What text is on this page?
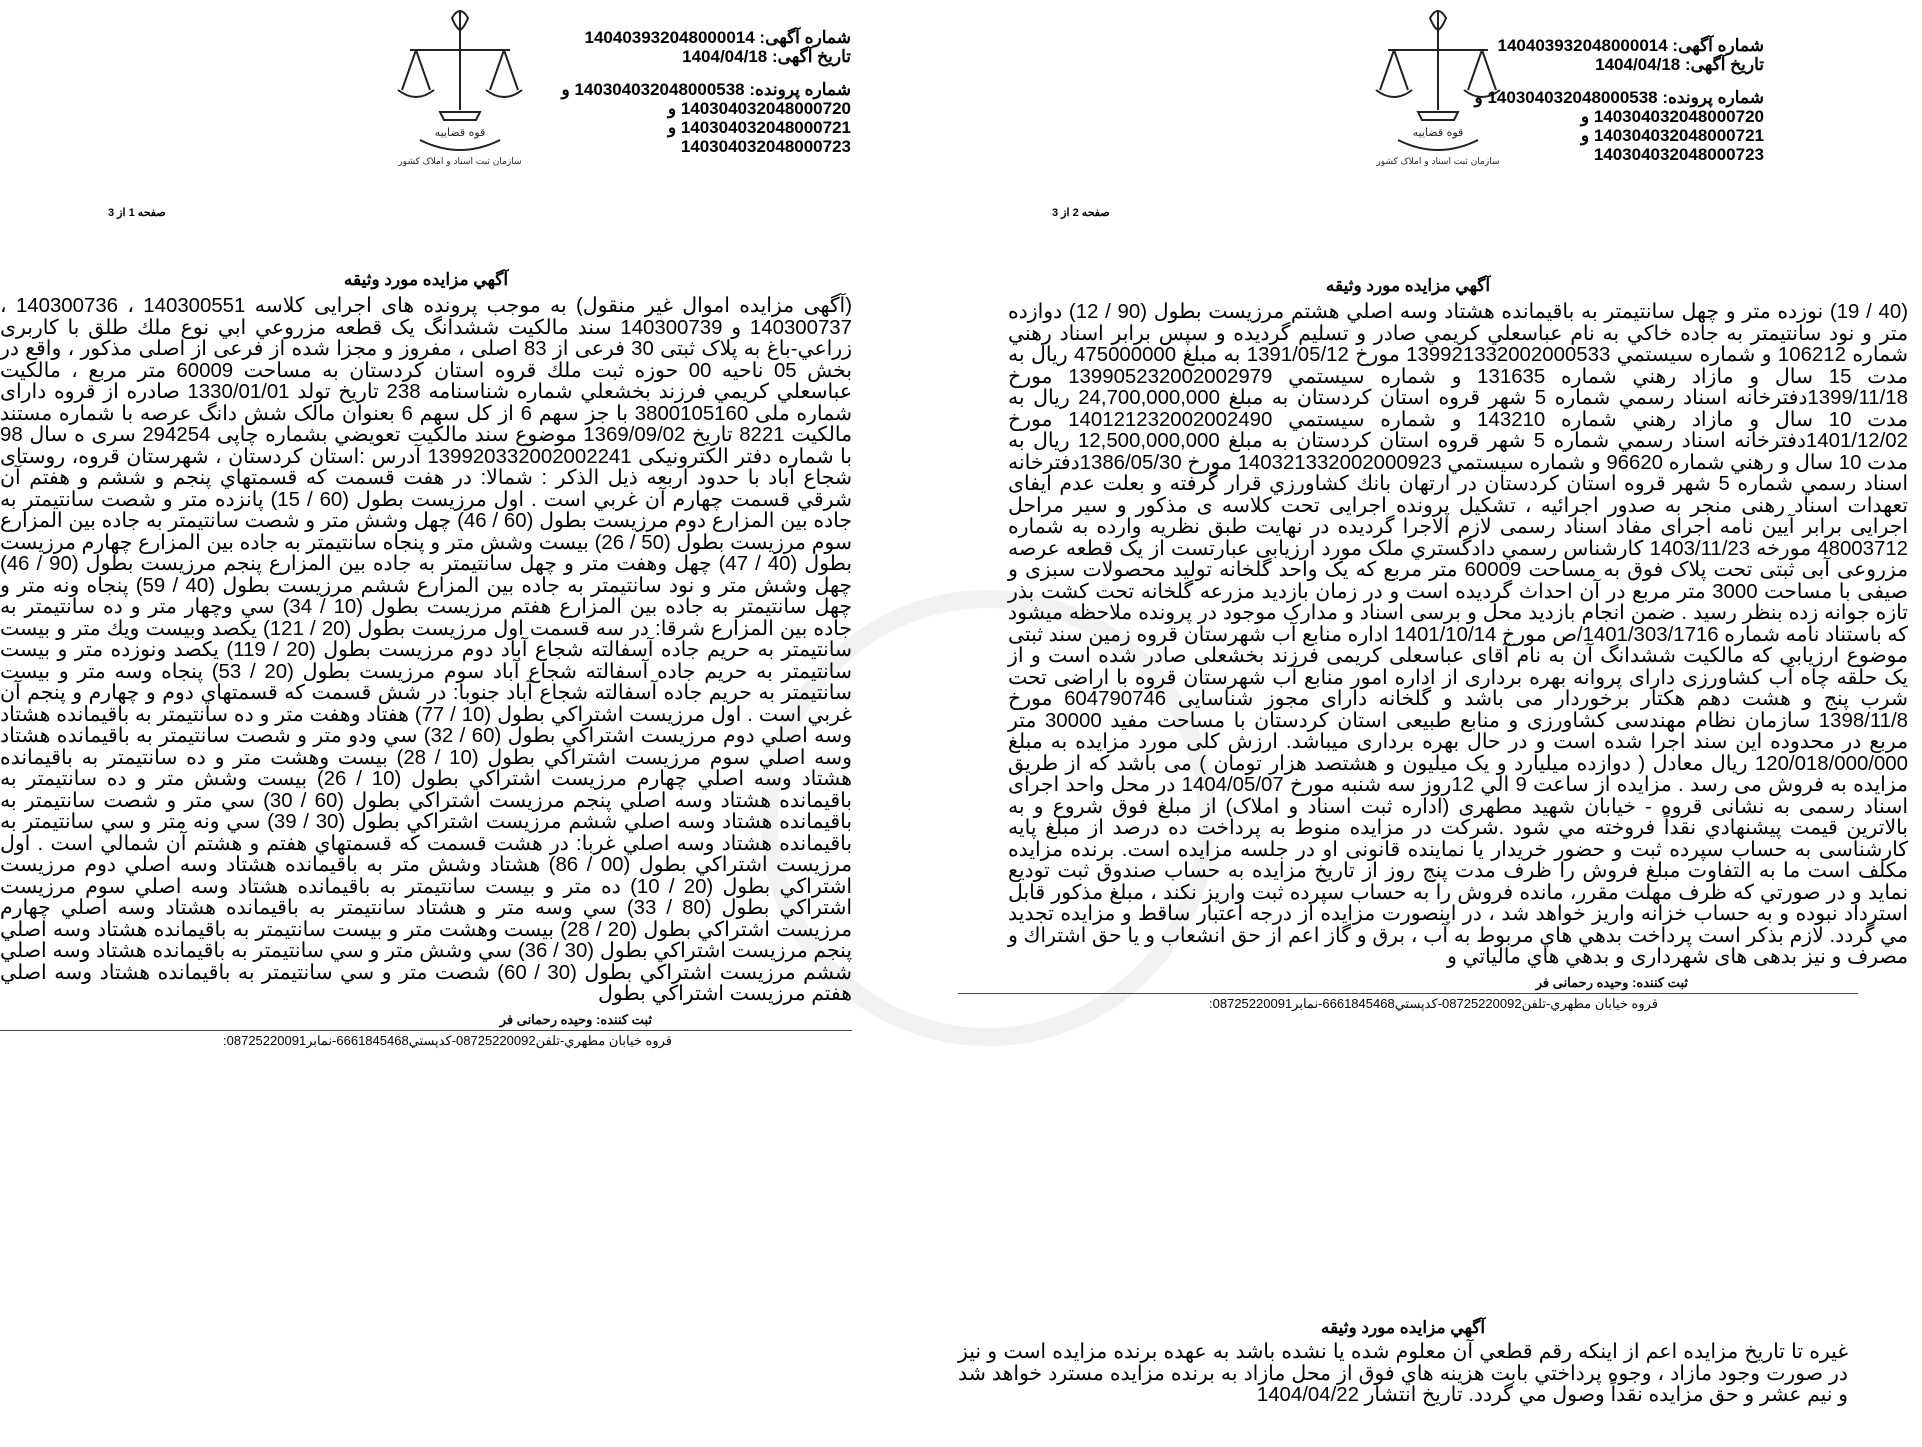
قوه قضاییه
سازمان ثبت اسناد و املاک کشور
شماره آگهی: 140403932048000014
تاریخ آگهی: 1404/04/18
شماره پرونده: 140304032048000538 و
140304032048000720 و
140304032048000721 و
140304032048000723
صفحه 1 از 3
آگهي مزايده مورد وثيقه

(آگهی مزایده اموال غیر منقول) به موجب پرونده های اجرایی کلاسه 140300551 ، 140300736 ، 140300737 و 140300739 سند مالکیت ششدانگ یک قطعه مزروعي ابي نوع ملك طلق با کاربری زراعي-باغ به پلاک ثبتی 30 فرعی از 83 اصلی ، مفروز و مجزا شده از فرعی از اصلی مذکور ، واقع در بخش 05 ناحیه 00 حوزه ثبت ملك قروه استان كردستان به مساحت 60009 متر مربع ، مالکیت عباسعلي كريمي فرزند بخشعلي شماره شناسنامه 238 تاریخ تولد 1330/01/01 صادره از قروه دارای شماره ملی 3800105160 با جز سهم 6 از کل سهم 6 بعنوان مالک شش دانگ عرصه با شماره مستند مالکیت 8221 تاریخ 1369/09/02 موضوع سند مالکیت تعویضي بشماره چاپی 294254 سری ه سال 98 با شماره دفتر الکترونیکی 139920332002002241 آدرس :استان كردستان ، شهرستان قروه، روستای شجاع آباد با حدود اربعه ذيل الذكر : شمالا: در هفت قسمت كه قسمتهاي پنجم و ششم و هفتم آن شرقي قسمت چهارم آن غربي است . اول مرزيست بطول (60 / 15) پانزده متر و شصت سانتيمتر به جاده بين المزارع دوم مرزيست بطول (60 / 46) چهل وشش متر و شصت سانتيمتر به جاده بين المزارع سوم مرزيست بطول (50 / 26) بيست وشش متر و پنجاه سانتيمتر به جاده بين المزارع چهارم مرزيست بطول (40 / 47) چهل وهفت متر و چهل سانتيمتر به جاده بين المزارع پنجم مرزيست بطول (90 / 46) چهل وشش متر و نود سانتيمتر به جاده بين المزارع ششم مرزيست بطول (40 / 59) پنجاه ونه متر و چهل سانتيمتر به جاده بين المزارع هفتم مرزيست بطول (10 / 34) سي وچهار متر و ده سانتيمتر به جاده بين المزارع شرقا: در سه قسمت اول مرزيست بطول (20 / 121) يكصد وبيست ويك متر و بيست سانتيمتر به حريم جاده آسفالته شجاع آباد دوم مرزيست بطول (20 / 119) يكصد ونوزده متر و بيست سانتيمتر به حريم جاده آسفالته شجاع آباد سوم مرزيست بطول (20 / 53) پنجاه وسه متر و بيست سانتيمتر به حريم جاده آسفالته شجاع آباد جنوبا: در شش قسمت كه قسمتهاي دوم و چهارم و پنجم آن غربي است . اول مرزيست اشتراكي بطول (10 / 77) هفتاد وهفت متر و ده سانتيمتر به باقيمانده هشتاد وسه اصلي دوم مرزيست اشتراكي بطول (60 / 32) سي ودو متر و شصت سانتيمتر به باقيمانده هشتاد وسه اصلي سوم مرزيست اشتراكي بطول (10 / 28) بيست وهشت متر و ده سانتيمتر به باقيمانده هشتاد وسه اصلي چهارم مرزيست اشتراكي بطول (10 / 26) بيست وشش متر و ده سانتيمتر به باقيمانده هشتاد وسه اصلي پنجم مرزيست اشتراكي بطول (60 / 30) سي متر و شصت سانتيمتر به باقيمانده هشتاد وسه اصلي ششم مرزيست اشتراكي بطول (30 / 39) سي ونه متر و سي سانتيمتر به باقيمانده هشتاد وسه اصلي غربا: در هشت قسمت كه قسمتهاي هفتم و هشتم آن شمالي است . اول مرزيست اشتراكي بطول (00 / 86) هشتاد وشش متر به باقيمانده هشتاد وسه اصلي دوم مرزيست اشتراكي بطول (20 / 10) ده متر و بيست سانتيمتر به باقيمانده هشتاد وسه اصلي سوم مرزيست اشتراكي بطول (80 / 33) سي وسه متر و هشتاد سانتيمتر به باقيمانده هشتاد وسه اصلي چهارم مرزيست اشتراكي بطول (20 / 28) بيست وهشت متر و بيست سانتيمتر به باقيمانده هشتاد وسه اصلي پنجم مرزيست اشتراكي بطول (30 / 36) سي وشش متر و سي سانتيمتر به باقيمانده هشتاد وسه اصلي ششم مرزيست اشتراكي بطول (30 / 60) شصت متر و سي سانتيمتر به باقيمانده هشتاد وسه اصلي هفتم مرزيست اشتراكي بطول

ثبت کننده: وحیده رحمانی فر
قروه خيابان مطهري-تلفن08725220092-کدپستي6661845468-نمابر08725220091:
قوه قضاییه
سازمان ثبت اسناد و املاک کشور
شماره آگهی: 140403932048000014
تاریخ آگهی: 1404/04/18
شماره پرونده: 140304032048000538 و
140304032048000720 و
140304032048000721 و
140304032048000723
صفحه 2 از 3
آگهي مزايده مورد وثيقه

(40 / 19) نوزده متر و چهل سانتيمتر به باقيمانده هشتاد وسه اصلي هشتم مرزيست بطول (90 / 12) دوازده متر و نود سانتيمتر به جاده خاكي به نام عباسعلي كريمي صادر و تسليم گرديده و سپس برابر اسناد رهني شماره 106212 و شماره سيستمي 139921332002000533 مورخ 1391/05/12 به مبلغ 475000000 ريال به مدت 15 سال و مازاد رهني شماره 131635 و شماره سيستمي 139905232002002979 مورخ 1399/11/18دفترخانه اسناد رسمي شماره 5 شهر قروه استان كردستان به مبلغ 24,700,000,000 ريال به مدت 10 سال و مازاد رهني شماره 143210 و شماره سيستمي 140121232002002490 مورخ 1401/12/02دفترخانه اسناد رسمي شماره 5 شهر قروه استان كردستان به مبلغ 12,500,000,000 ريال به مدت 10 سال و رهني شماره 96620 و شماره سيستمي 140321332002000923 مورخ 1386/05/30دفترخانه اسناد رسمي شماره 5 شهر قروه استان كردستان در ارتهان بانك كشاورزي قرار گرفته و بعلت عدم ایفای تعهدات اسناد رهنی منجر به صدور اجرائیه ، تشکیل پرونده اجرایی تحت کلاسه ی مذکور و سیر مراحل اجرایی برابر آیین نامه اجرای مفاد اسناد رسمی لازم الاجرا گردیده در نهایت طبق نظریه وارده به شماره 48003712 مورخه 1403/11/23 کارشناس رسمي دادگستري ملک مورد ارزیابی عبارتست از یک قطعه عرصه مزروعی آبی ثبتی تحت پلاک فوق به مساحت 60009 متر مربع که یک واحد گلخانه تولید محصولات سبزی و صیفی با مساحت 3000 متر مربع در آن احداث گردیده است و در زمان بازدید مزرعه گلخانه تحت کشت بذر تازه جوانه زده بنظر رسید . ضمن انجام بازدید محل و برسی اسناد و مدارک موجود در پرونده ملاحظه میشود که باستناد نامه شماره 1401/303/1716/ص مورخ 1401/10/14 اداره منابع آب شهرستان قروه زمین سند ثبتی موضوع ارزیابی که مالکیت ششدانگ آن به نام آقای عباسعلی کریمی فرزند بخشعلی صادر شده است و از یک حلقه چاه آب کشاورزی دارای پروانه بهره برداری از اداره امور منابع آب شهرستان قروه با اراضی تحت شرب پنج و هشت دهم هکتار برخوردار می باشد و گلخانه دارای مجوز شناسایی 604790746 مورخ 1398/11/8 سازمان نظام مهندسی کشاورزی و منابع طبیعی استان کردستان با مساحت مفید 30000 متر مربع در محدوده این سند اجرا شده است و در حال بهره برداری میباشد. ارزش کلی مورد مزایده به مبلغ 120/018/000/000 ريال معادل ( دوازده میلیارد و یک میلیون و هشتصد هزار تومان ) می باشد كه از طریق مزایده به فروش می رسد . مزایده از ساعت 9 الي 12روز سه شنبه مورخ 1404/05/07 در محل واحد اجرای اسناد رسمی به نشانی قروه - خیابان شهید مطهری (اداره ثبت اسناد و املاک) از مبلغ فوق شروع و به بالاترین قیمت پیشنهادي نقداً فروخته مي شود .شركت در مزايده منوط به پرداخت ده درصد از مبلغ پايه كارشناسی به حساب سپرده ثبت و حضور خريدار يا نماينده قانونی او در جلسه مزايده است. برنده مزايده مكلف است ما به التفاوت مبلغ فروش را ظرف مدت پنج روز از تاريخ مزايده به حساب صندوق ثبت توديع نمايد و در صورتي كه ظرف مهلت مقرر، مانده فروش را به حساب سپرده ثبت واريز نكند ، مبلغ مذكور قابل استرداد نبوده و به حساب خزانه واريز خواهد شد ، در اينصورت مزايده از درجه اعتبار ساقط و مزايده تجديد مي گردد. لازم بذكر است پرداخت بدهي هاي مربوط به آب ، برق و گاز اعم از حق انشعاب و يا حق اشتراك و مصرف و نيز بدهی های شهرداری و بدهي هاي مالياتي و

ثبت کننده: وحیده رحمانی فر
قروه خيابان مطهري-تلفن08725220092-کدپستي6661845468-نمابر08725220091:
آگهي مزايده مورد وثيقه

غيره تا تاريخ مزايده اعم از اينكه رقم قطعي آن معلوم شده يا نشده باشد به عهده برنده مزايده است و نيز در صورت وجود مازاد ، وجوه پرداختي بابت هزينه هاي فوق از محل مازاد به برنده مزايده مسترد خواهد شد و نيم عشر و حق مزايده نقداً وصول مي گردد. تاريخ انتشار 1404/04/22
